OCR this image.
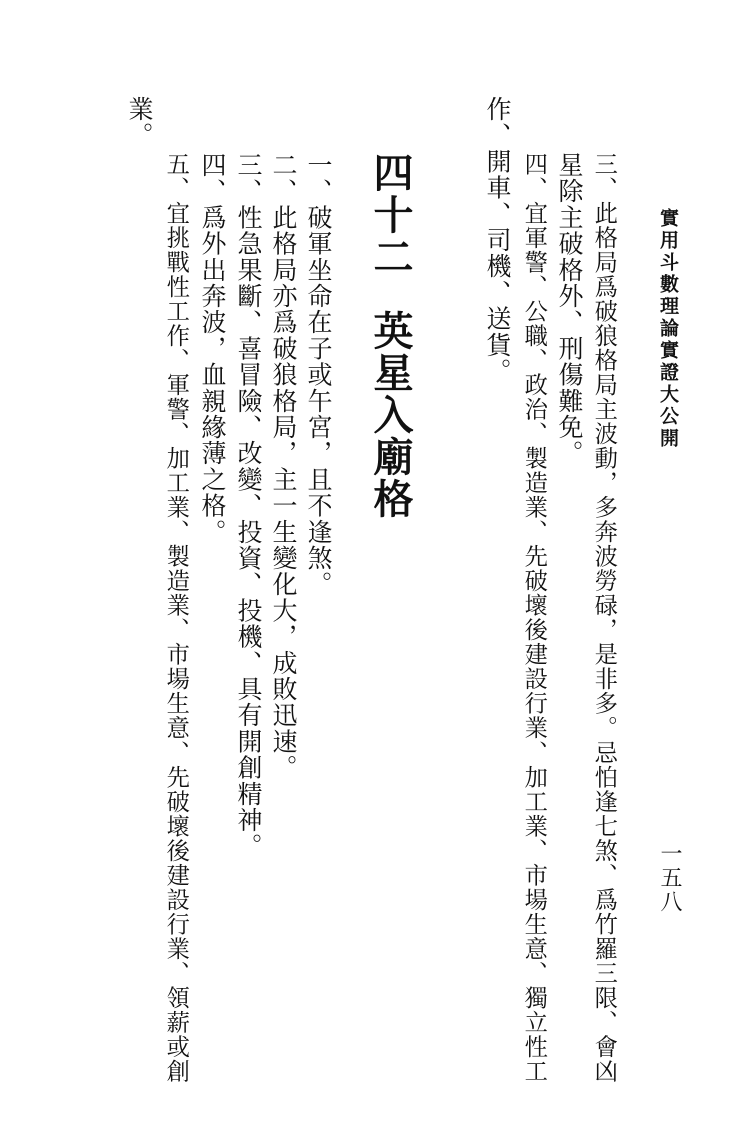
實用斗數理論實證大公開
一五八
三、此格局爲破狼格局主波動，多奔波勞碌，是非多。忌怕逢七煞、爲竹羅三限、會凶
星除主破格外、刑傷難免。
四、宜軍警、公職、政治、製造業、先破壞後建設行業、加工業、市場生意、獨立性工
作、開車、司機、送貨。
四十二英星入廟格
一、破軍坐命在子或午宮，且不逢煞。
二、此格局亦爲破狼格局，主一生變化大，成敗迅速。
三、性急果斷、喜冒險、改變、投資、投機、具有開創精神。
四、爲外出奔波，血親緣薄之格。
五、宜挑戰性工作、軍警、加工業、製造業、市場生意、先破壞後建設行業、領薪或創
業。
